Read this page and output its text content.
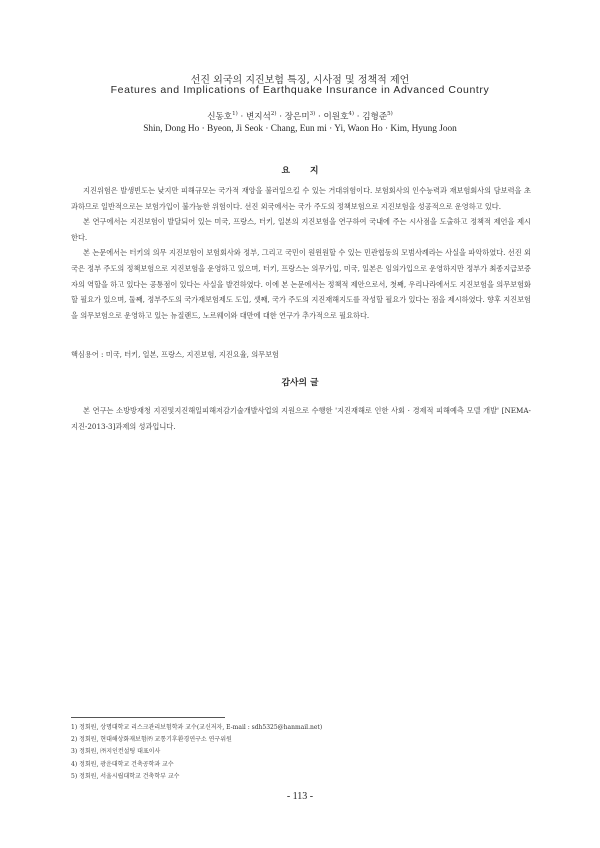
선진 외국의 지진보험 특징, 시사점 및 정책적 제언
Features and Implications of Earthquake Insurance in Advanced Country
신동호$^{1)}$ · 변지석$^{2)}$ · 장은미$^{3)}$ · 이원호$^{4)}$ · 김형준$^{5)}$
Shin, Dong Ho · Byeon, Ji Seok · Chang, Eun mi · Yi, Waon Ho · Kim, Hyung Joon
요지

지진위험은 발생빈도는 낮지만 피해규모는 국가적 재앙을 불러일으킬 수 있는 거대위험이다. 보험회사의 인수능력과 재보험회사의 담보력을 초과하므로 일반적으로는 보험가입이 불가능한 위험이다. 선진 외국에서는 국가 주도의 정책보험으로 지진보험을 성공적으로 운영하고 있다.

본 연구에서는 지진보험이 발달되어 있는 미국, 프랑스, 터키, 일본의 지진보험을 연구하여 국내에 주는 시사점을 도출하고 정책적 제언을 제시한다.

본 논문에서는 터키의 의무 지진보험이 보험회사와 정부, 그리고 국민이 원윈원할 수 있는 민관협동의 모범사례라는 사실을 파악하였다. 선진 외국은 정부 주도의 정책보험으로 지진보험을 운영하고 있으며, 터키, 프랑스는 의무가입, 미국, 일본은 임의가입으로 운영하지만 정부가 최종지급보증자의 역할을 하고 있다는 공통점이 있다는 사실을 발견하였다. 이에 본 논문에서는 정책적 제안으로서, 첫째, 우리나라에서도 지진보험을 의무보험화할 필요가 있으며, 둘째, 정부주도의 국가재보험제도 도입, 셋째, 국가 주도의 지진재해지도를 작성할 필요가 있다는 점을 제시하였다. 향후 지진보험을 의무보험으로 운영하고 있는 뉴질랜드, 노르웨이와 대만에 대한 연구가 추가적으로 필요하다.

핵심용어 : 미국, 터키, 일본, 프랑스, 지진보험, 지진요율, 의무보험
감사의 글

본 연구는 소방방재청 지진및지진해일피해저감기술개발사업의 지원으로 수행한 '지진재해로 인한 사회 · 경제적 피해예측 모델 개발' [NEMA-지진-2013-3]과제의 성과입니다.

1) 정회원, 상명대학교 리스크관리보험학과 교수(교신저자, E-mail : sdh5325@hanmail.net)
2) 정회원, 현대해상화재보험㈜ 교통기후환경연구소 연구위원
3) 정회원, ㈜지인컨설팅 대표이사
4) 정회원, 광운대학교 건축공학과 교수
5) 정회원, 서울시립대학교 건축학부 교수
- 113 -
